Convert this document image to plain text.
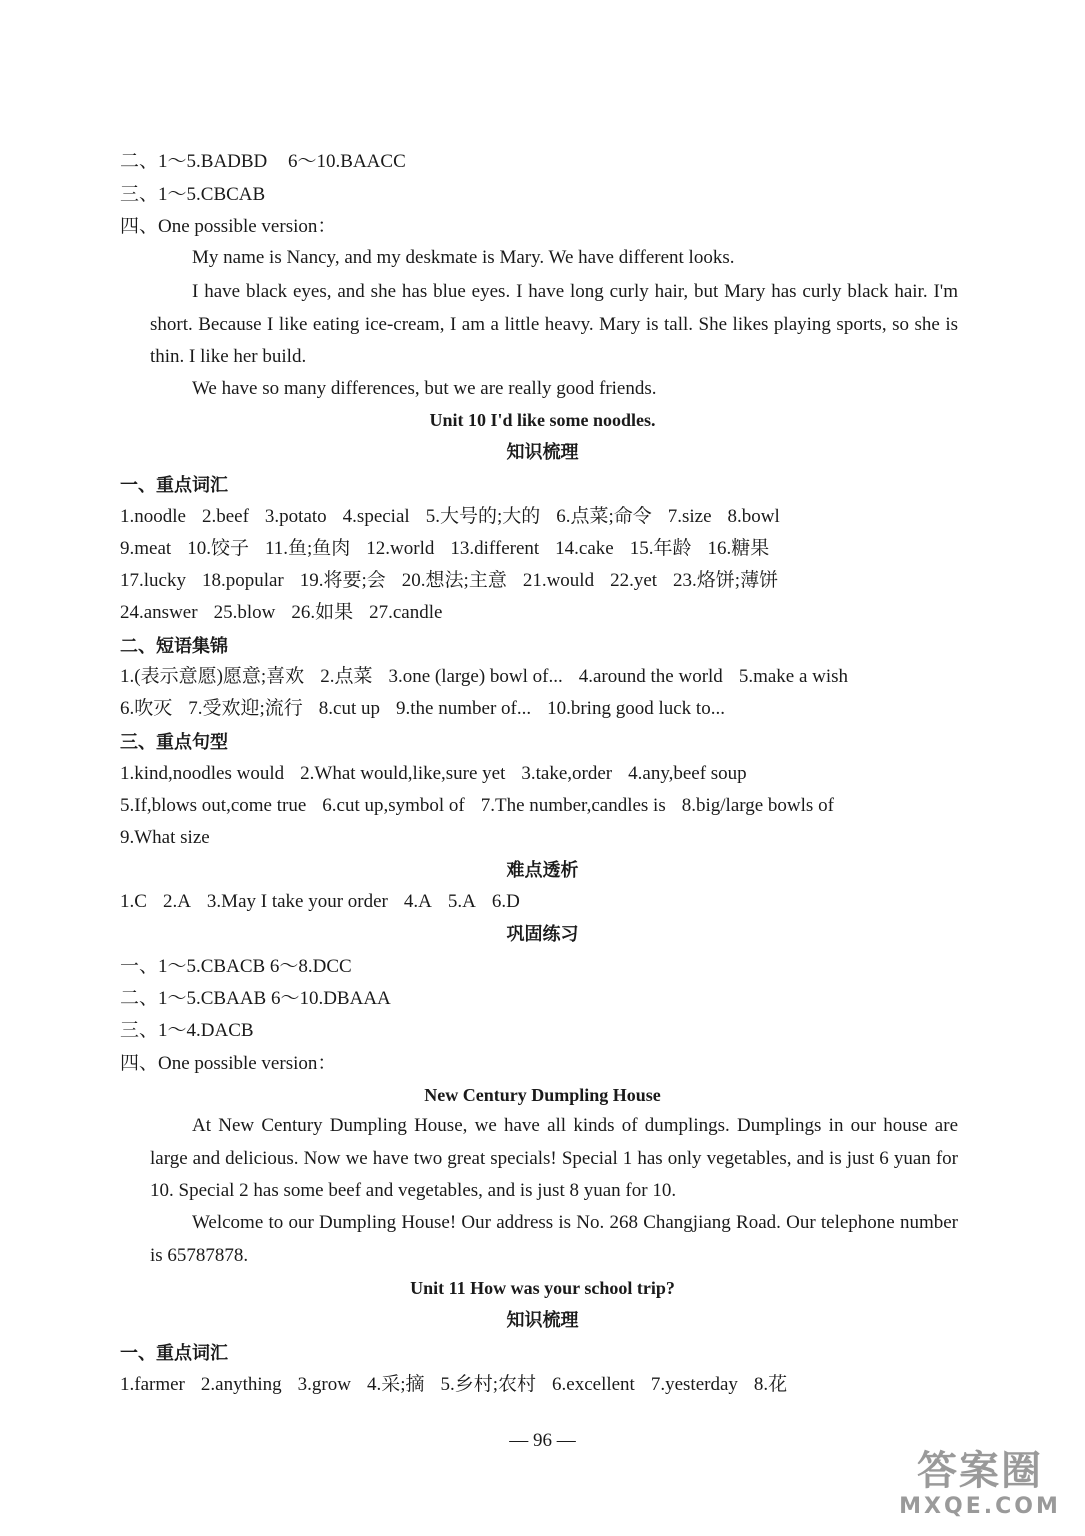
二、1～5.BADBD 6～10.BAACC
三、1～5.CBCAB
四、One possible version：
My name is Nancy, and my deskmate is Mary. We have different looks.
I have black eyes, and she has blue eyes. I have long curly hair, but Mary has curly black hair. I'm short. Because I like eating ice-cream, I am a little heavy. Mary is tall. She likes playing sports, so she is thin. I like her build.
We have so many differences, but we are really good friends.
Unit 10 I'd like some noodles.
知识梳理
一、重点词汇
1.noodle 2.beef 3.potato 4.special 5.大号的;大的 6.点菜;命令 7.size 8.bowl
9.meat 10.饺子 11.鱼;鱼肉 12.world 13.different 14.cake 15.年龄 16.糖果
17.lucky 18.popular 19.将要;会 20.想法;主意 21.would 22.yet 23.烙饼;薄饼
24.answer 25.blow 26.如果 27.candle
二、短语集锦
1.(表示意愿)愿意;喜欢 2.点菜 3.one (large) bowl of... 4.around the world 5.make a wish
6.吹灭 7.受欢迎;流行 8.cut up 9.the number of... 10.bring good luck to...
三、重点句型
1.kind,noodles would 2.What would,like,sure yet 3.take,order 4.any,beef soup
5.If,blows out,come true 6.cut up,symbol of 7.The number,candles is 8.big/large bowls of
9.What size
难点透析
1.C 2.A 3.May I take your order 4.A 5.A 6.D
巩固练习
一、1～5.CBACB 6～8.DCC
二、1～5.CBAAB 6～10.DBAAA
三、1～4.DACB
四、One possible version：
New Century Dumpling House
At New Century Dumpling House, we have all kinds of dumplings. Dumplings in our house are large and delicious. Now we have two great specials! Special 1 has only vegetables, and is just 6 yuan for 10. Special 2 has some beef and vegetables, and is just 8 yuan for 10.
Welcome to our Dumpling House! Our address is No. 268 Changjiang Road. Our telephone number is 65787878.
Unit 11 How was your school trip?
知识梳理
一、重点词汇
1.farmer 2.anything 3.grow 4.采;摘 5.乡村;农村 6.excellent 7.yesterday 8.花
— 96 —
答案圈
MXQE.COM
